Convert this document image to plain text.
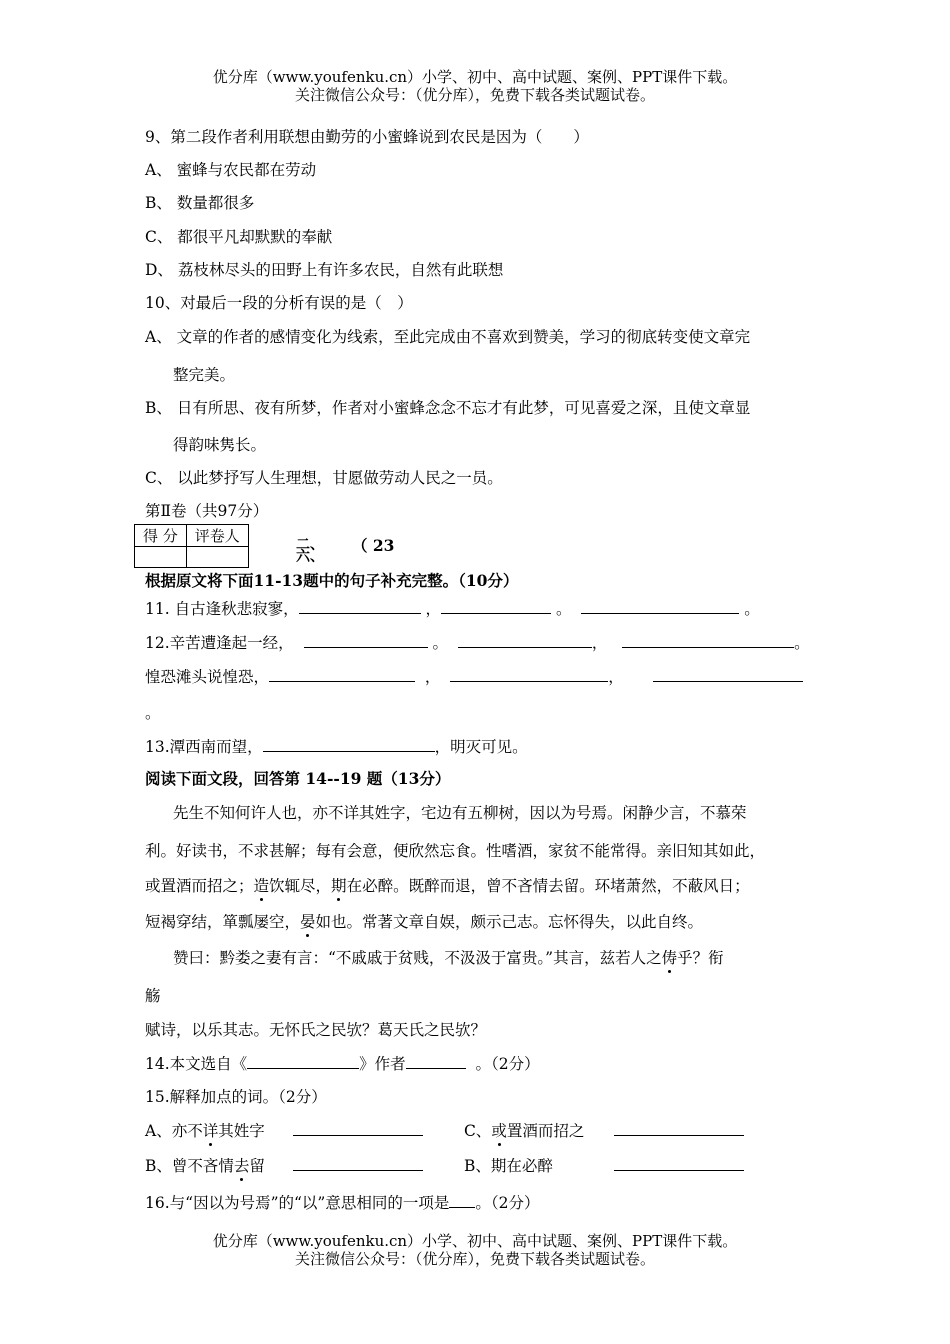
优分库（www.youfenku.cn）小学、初中、高中试题、案例、PPT课件下载。
关注微信公众号：（优分库），免费下载各类试题试卷。
9、第二段作者利用联想由勤劳的小蜜蜂说到农民是因为（　　）
A、 蜜蜂与农民都在劳动
B、 数量都很多
C、 都很平凡却默默的奉献
D、 荔枝林尽头的田野上有许多农民，自然有此联想
10、对最后一段的分析有误的是（　）
A、 文章的作者的感情变化为线索，至此完成由不喜欢到赞美，学习的彻底转变使文章完
整完美。
B、 日有所思、夜有所梦，作者对小蜜蜂念念不忘才有此梦，可见喜爱之深，且使文章显
得韵味隽长。
C、 以此梦抒写人生理想，甘愿做劳动人民之一员。
第Ⅱ卷（共97分）
得 分	评卷人
		二、
六、
（ 23
根据原文将下面11-13题中的句子补充完整。（10分）
11. 自古逢秋悲寂寥，	，	。	。
12.辛苦遭逢起一经，	。	，	。
惶恐滩头说惶恐，	，	，
。
13.潭西南而望，	，明灭可见。
阅读下面文段，回答第 14--19 题（13分）
先生不知何许人也，亦不详其姓字，宅边有五柳树，因以为号焉。闲静少言，不慕荣
利。好读书，不求甚解；每有会意，便欣然忘食。性嗜酒，家贫不能常得。亲旧知其如此，
或置酒而招之；造饮辄尽，期在必醉。既醉而退，曾不吝情去留。环堵萧然，不蔽风日；
短褐穿结，箪瓢屡空，晏如也。常著文章自娱，颇示己志。忘怀得失，以此自终。
赞曰：黔娄之妻有言：“不戚戚于贫贱，不汲汲于富贵。”其言，兹若人之俦乎？衔
觞
赋诗，以乐其志。无怀氏之民欤？葛天氏之民欤？
14.本文选自《	》作者	。（2分）
15.解释加点的词。（2分）
A、亦不详其姓字	C、或置酒而招之
B、曾不吝情去留	B、期在必醉
16.与“因以为号焉”的“以”意思相同的一项是 。（2分）
优分库（www.youfenku.cn）小学、初中、高中试题、案例、PPT课件下载。
关注微信公众号：（优分库），免费下载各类试题试卷。
